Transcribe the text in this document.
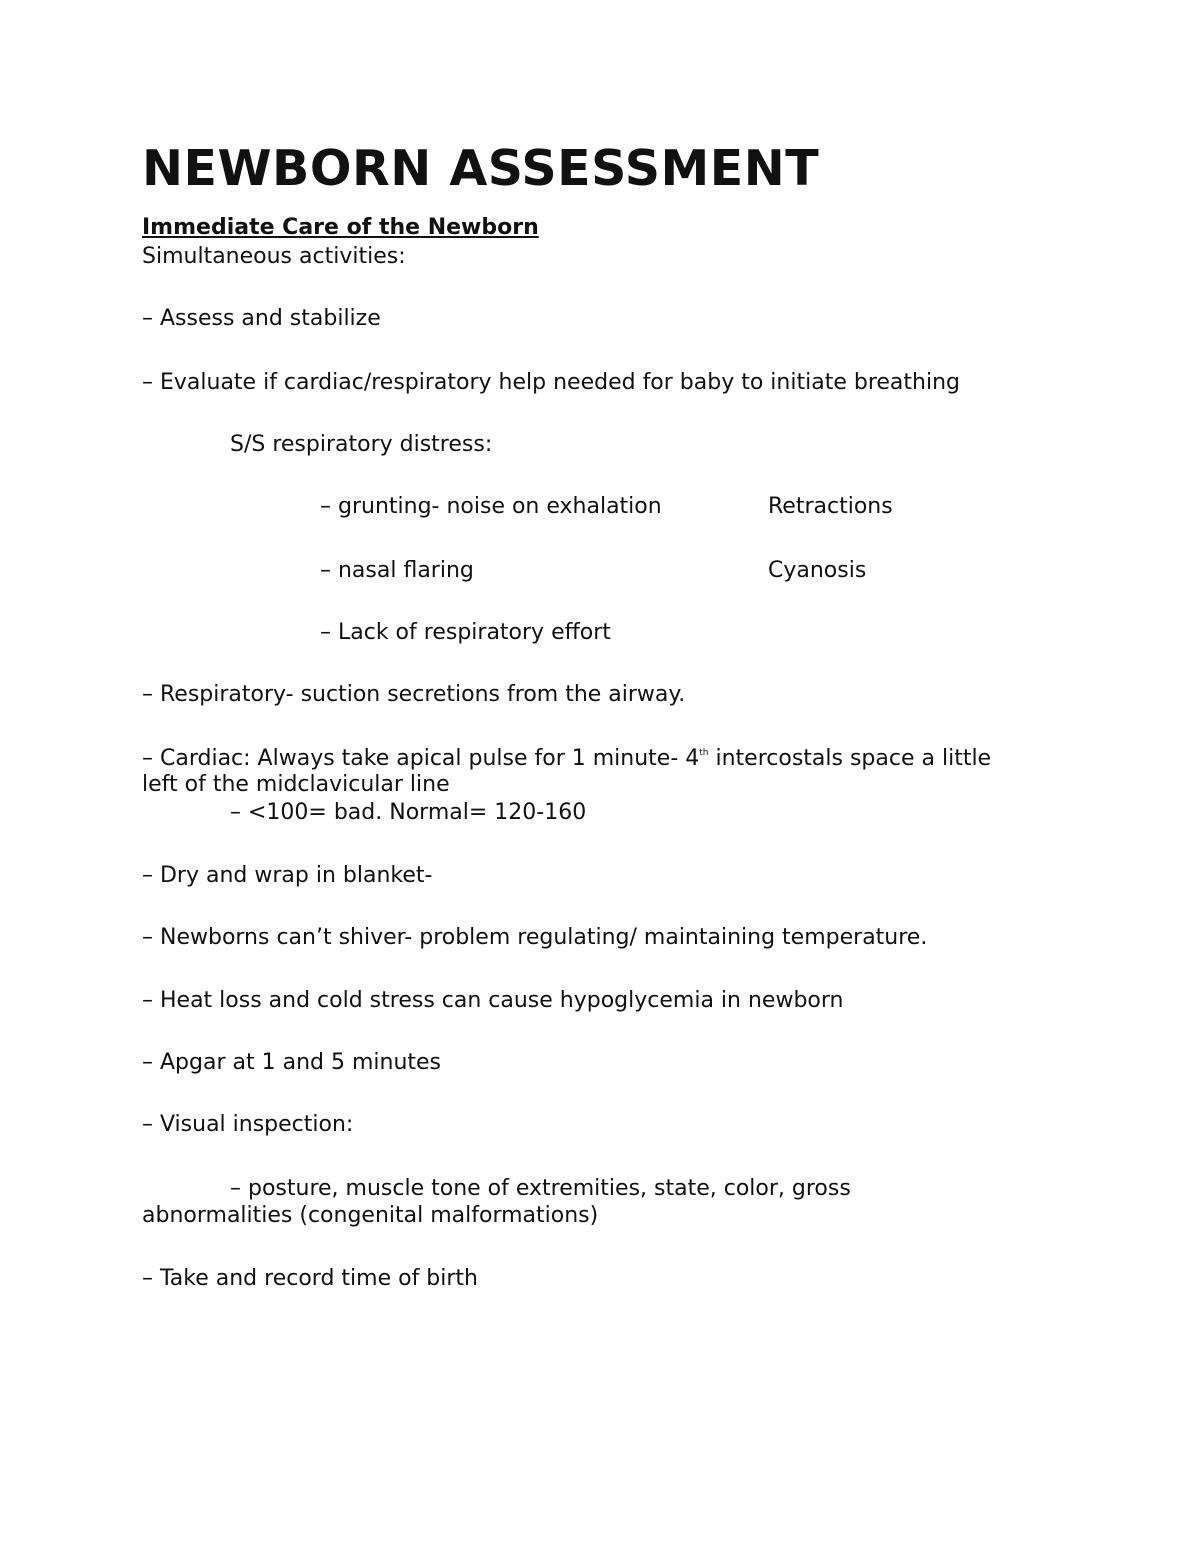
NEWBORN ASSESSMENT
Immediate Care of the Newborn
Simultaneous activities:
– Assess and stabilize
– Evaluate if cardiac/respiratory help needed for baby to initiate breathing
S/S respiratory distress:
– grunting- noise on exhalation	Retractions
– nasal flaring	Cyanosis
– Lack of respiratory effort
– Respiratory- suction secretions from the airway.
– Cardiac: Always take apical pulse for 1 minute- 4th intercostals space a little
left of the midclavicular line
– <100= bad. Normal= 120-160
– Dry and wrap in blanket-
– Newborns can’t shiver- problem regulating/ maintaining temperature.
– Heat loss and cold stress can cause hypoglycemia in newborn
– Apgar at 1 and 5 minutes
– Visual inspection:
– posture, muscle tone of extremities, state, color, gross
abnormalities (congenital malformations)
– Take and record time of birth
